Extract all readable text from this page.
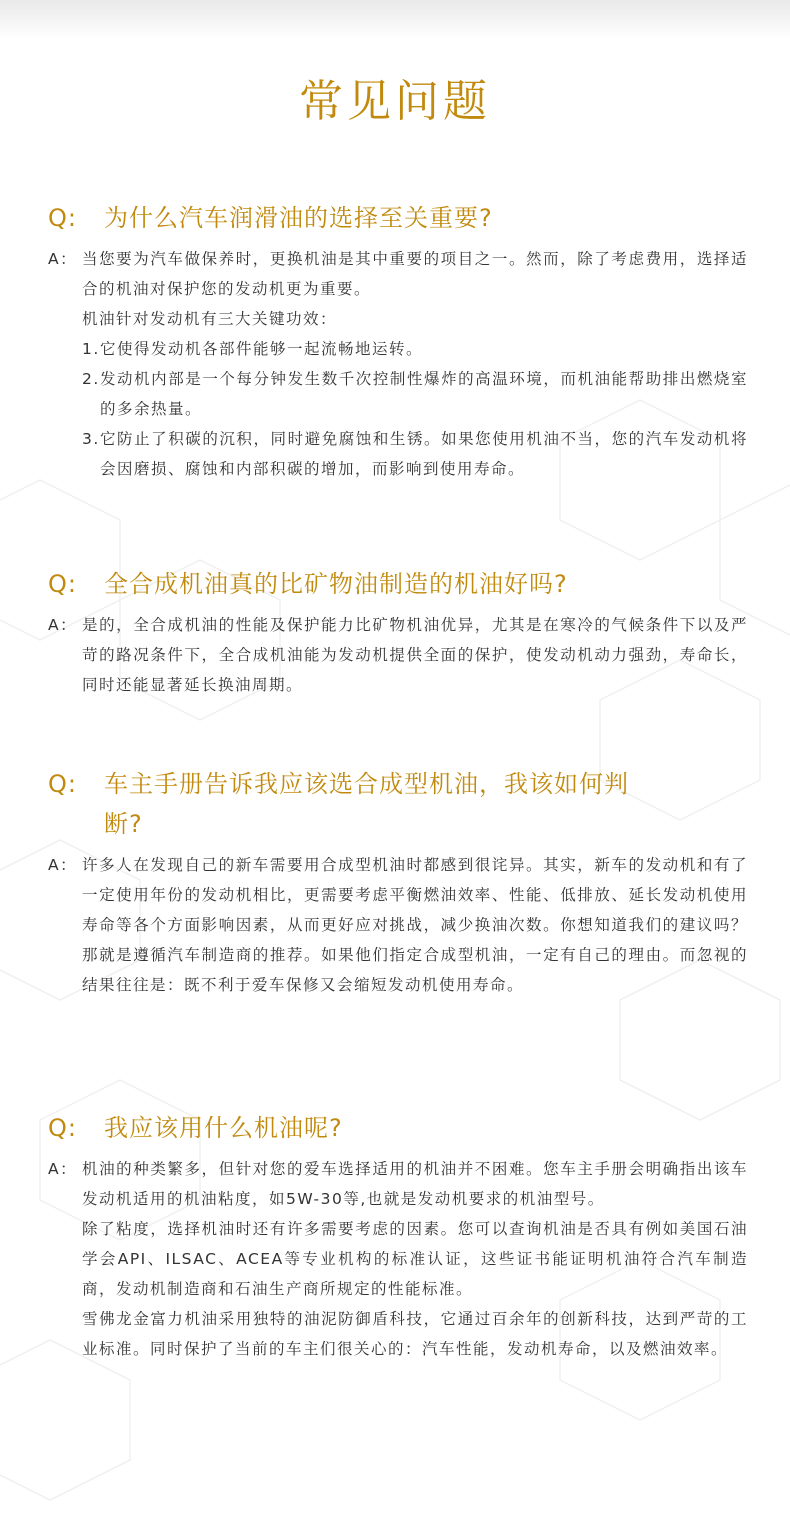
常见问题
Q:	为什么汽车润滑油的选择至关重要?
A： 当您要为汽车做保养时，更换机油是其中重要的项目之一。然而，除了考虑费用，选择适合的机油对保护您的发动机更为重要。
机油针对发动机有三大关键功效：
1. 它使得发动机各部件能够一起流畅地运转。
2. 发动机内部是一个每分钟发生数千次控制性爆炸的高温环境，而机油能帮助排出燃烧室的多余热量。
3. 它防止了积碳的沉积，同时避免腐蚀和生锈。如果您使用机油不当，您的汽车发动机将会因磨损、腐蚀和内部积碳的增加，而影响到使用寿命。
Q:	全合成机油真的比矿物油制造的机油好吗?
A： 是的，全合成机油的性能及保护能力比矿物机油优异，尤其是在寒冷的气候条件下以及严苛的路况条件下，全合成机油能为发动机提供全面的保护，使发动机动力强劲，寿命长，同时还能显著延长换油周期。
Q:	车主手册告诉我应该选合成型机油，我该如何判断?
A： 许多人在发现自己的新车需要用合成型机油时都感到很诧异。其实，新车的发动机和有了一定使用年份的发动机相比，更需要考虑平衡燃油效率、性能、低排放、延长发动机使用寿命等各个方面影响因素，从而更好应对挑战，减少换油次数。你想知道我们的建议吗？那就是遵循汽车制造商的推荐。如果他们指定合成型机油，一定有自己的理由。而忽视的结果往往是：既不利于爱车保修又会缩短发动机使用寿命。
Q:	我应该用什么机油呢?
A： 机油的种类繁多，但针对您的爱车选择适用的机油并不困难。您车主手册会明确指出该车发动机适用的机油粘度，如5W-30等,也就是发动机要求的机油型号。
除了粘度，选择机油时还有许多需要考虑的因素。您可以查询机油是否具有例如美国石油学会API、ILSAC、ACEA等专业机构的标准认证，这些证书能证明机油符合汽车制造商，发动机制造商和石油生产商所规定的性能标准。
雪佛龙金富力机油采用独特的油泥防御盾科技，它通过百余年的创新科技，达到严苛的工业标准。同时保护了当前的车主们很关心的：汽车性能，发动机寿命，以及燃油效率。
